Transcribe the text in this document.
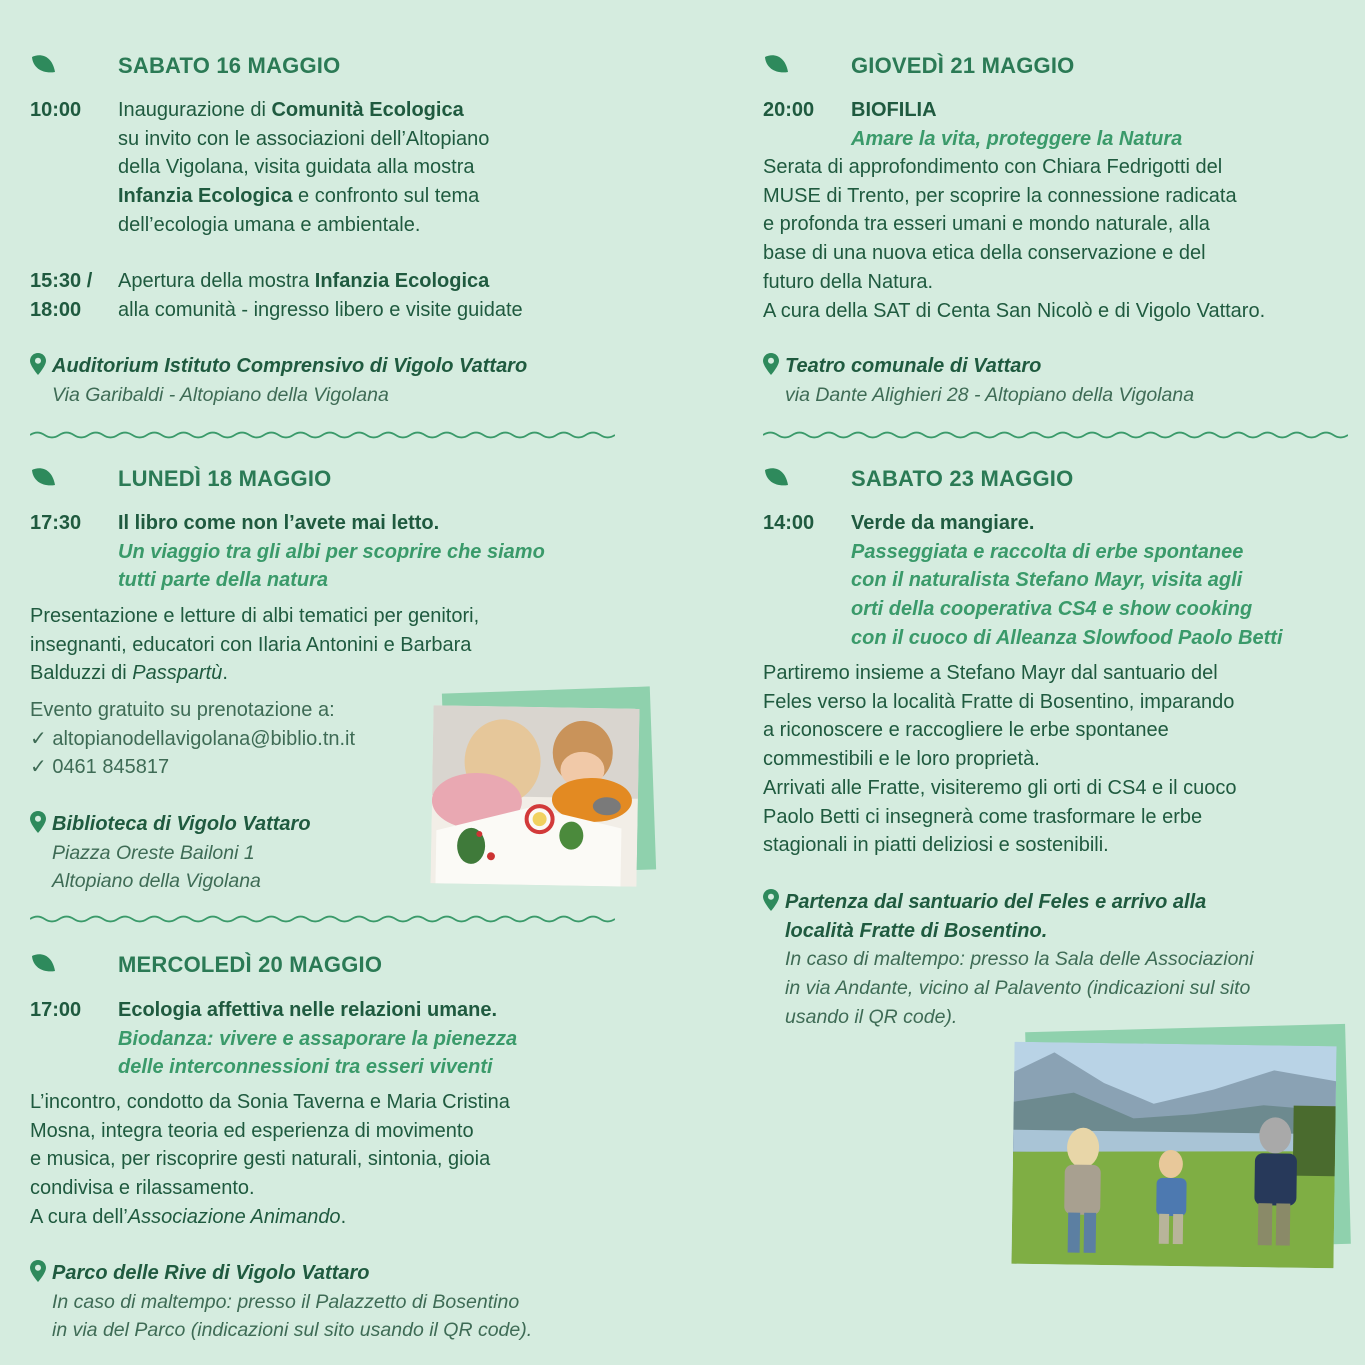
SABATO 16 MAGGIO
10:00 Inaugurazione di Comunità Ecologica
su invito con le associazioni dell’Altopiano
della Vigolana, visita guidata alla mostra
Infanzia Ecologica e confronto sul tema
dell’ecologia umana e ambientale.
15:30 /
18:00
Apertura della mostra Infanzia Ecologica
alla comunità - ingresso libero e visite guidate
Auditorium Istituto Comprensivo di Vigolo Vattaro
Via Garibaldi - Altopiano della Vigolana
LUNEDÌ 18 MAGGIO
17:30 Il libro come non l’avete mai letto.
Un viaggio tra gli albi per scoprire che siamo
tutti parte della natura
Presentazione e letture di albi tematici per genitori,
insegnanti, educatori con Ilaria Antonini e Barbara
Balduzzi di Passpartù.
Evento gratuito su prenotazione a:
✓ altopianodellavigolana@biblio.tn.it
✓ 0461 845817
Biblioteca di Vigolo Vattaro
Piazza Oreste Bailoni 1
Altopiano della Vigolana
MERCOLEDÌ 20 MAGGIO
17:00 Ecologia affettiva nelle relazioni umane.
Biodanza: vivere e assaporare la pienezza
delle interconnessioni tra esseri viventi
L’incontro, condotto da Sonia Taverna e Maria Cristina
Mosna, integra teoria ed esperienza di movimento
e musica, per riscoprire gesti naturali, sintonia, gioia
condivisa e rilassamento.
A cura dell’Associazione Animando.
Parco delle Rive di Vigolo Vattaro
In caso di maltempo: presso il Palazzetto di Bosentino
in via del Parco (indicazioni sul sito usando il QR code).
GIOVEDÌ 21 MAGGIO
20:00 BIOFILIA
Amare la vita, proteggere la Natura
Serata di approfondimento con Chiara Fedrigotti del
MUSE di Trento, per scoprire la connessione radicata
e profonda tra esseri umani e mondo naturale, alla
base di una nuova etica della conservazione e del
futuro della Natura.
A cura della SAT di Centa San Nicolò e di Vigolo Vattaro.
Teatro comunale di Vattaro
via Dante Alighieri 28 - Altopiano della Vigolana
SABATO 23 MAGGIO
14:00 Verde da mangiare.
Passeggiata e raccolta di erbe spontanee
con il naturalista Stefano Mayr, visita agli
orti della cooperativa CS4 e show cooking
con il cuoco di Alleanza Slowfood Paolo Betti
Partiremo insieme a Stefano Mayr dal santuario del
Feles verso la località Fratte di Bosentino, imparando
a riconoscere e raccogliere le erbe spontanee
commestibili e le loro proprietà.
Arrivati alle Fratte, visiteremo gli orti di CS4 e il cuoco
Paolo Betti ci insegnerà come trasformare le erbe
stagionali in piatti deliziosi e sostenibili.
Partenza dal santuario del Feles e arrivo alla
località Fratte di Bosentino.
In caso di maltempo: presso la Sala delle Associazioni
in via Andante, vicino al Palavento (indicazioni sul sito
usando il QR code).
